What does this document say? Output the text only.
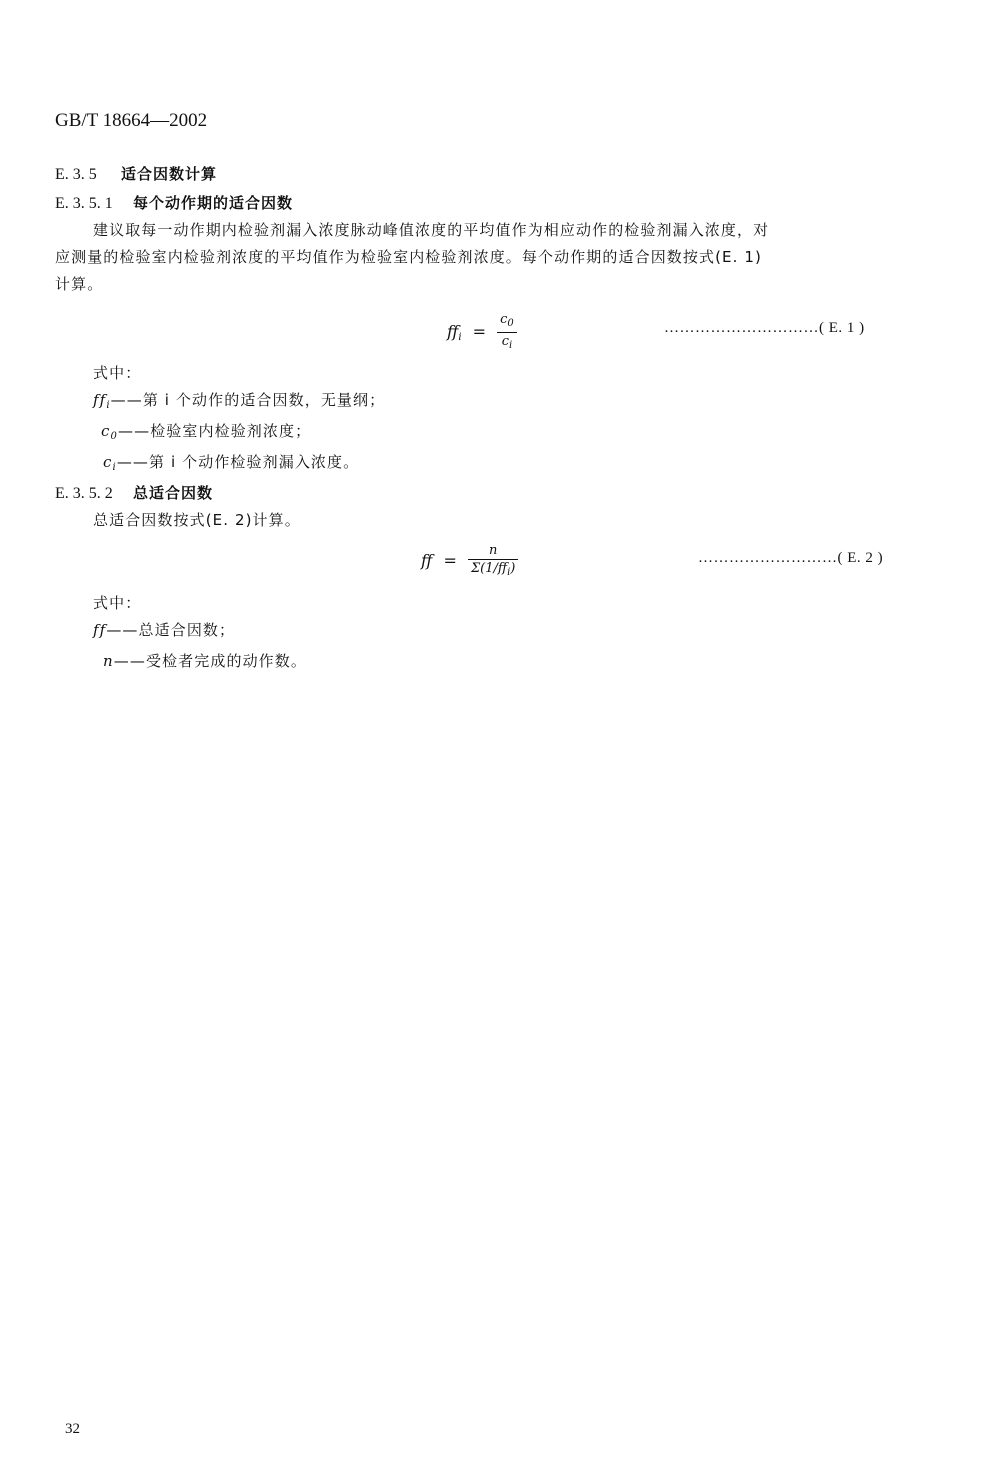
GB/T 18664—2002
E. 3. 5 适合因数计算
E. 3. 5. 1 每个动作期的适合因数
建议取每一动作期内检验剂漏入浓度脉动峰值浓度的平均值作为相应动作的检验剂漏入浓度，对
应测量的检验室内检验剂浓度的平均值作为检验室内检验剂浓度。每个动作期的适合因数按式(E. 1)
计算。
$ff_i = \frac{c_0}{c_i}$	…………………………( E. 1 )
式中：
$ff_i——$第 i 个动作的适合因数，无量纲；
$c_0——$检验室内检验剂浓度；
$c_i——$第 i 个动作检验剂漏入浓度。
E. 3. 5. 2 总适合因数
总适合因数按式(E. 2)计算。
ff = $\frac{n}{\Sigma(1/ff_i)}$	………………………( E. 2 )
式中：
ff——总适合因数；
n——受检者完成的动作数。
32
